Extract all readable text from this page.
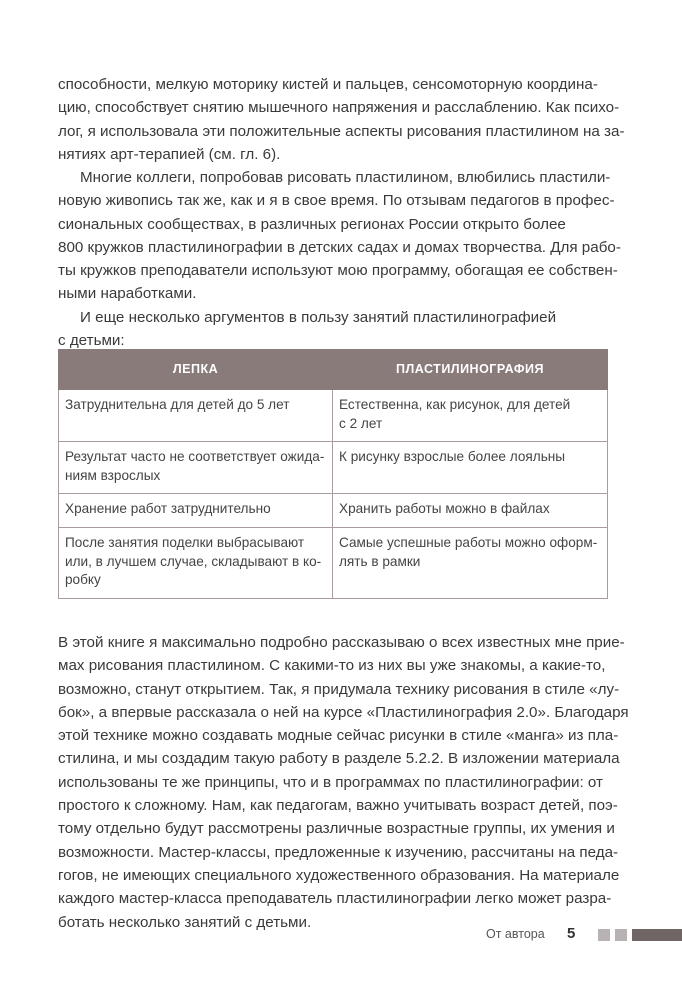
способности, мелкую моторику кистей и пальцев, сенсомоторную координа-
цию, способствует снятию мышечного напряжения и расслаблению. Как психо-
лог, я использовала эти положительные аспекты рисования пластилином на за-
нятиях арт-терапией (см. гл. 6).
Многие коллеги, попробовав рисовать пластилином, влюбились пластили-
новую живопись так же, как и я в свое время. По отзывам педагогов в профес-
сиональных сообществах, в различных регионах России открыто более
800 кружков пластилинографии в детских садах и домах творчества. Для рабо-
ты кружков преподаватели используют мою программу, обогащая ее собствен-
ными наработками.
И еще несколько аргументов в пользу занятий пластилинографией
с детьми:
ЛЕПКА	ПЛАСТИЛИНОГРАФИЯ

Затруднительна для детей до 5 лет	Естественна, как рисунок, для детей
с 2 лет

Результат часто не соответствует ожида-
ниям взрослых	К рисунку взрослые более лояльны

Хранение работ затруднительно	Хранить работы можно в файлах

После занятия поделки выбрасывают
или, в лучшем случае, складывают в ко-
робку	Самые успешные работы можно оформ-
лять в рамки
В этой книге я максимально подробно рассказываю о всех известных мне прие-
мах рисования пластилином. С какими-то из них вы уже знакомы, а какие-то,
возможно, станут открытием. Так, я придумала технику рисования в стиле «лу-
бок», а впервые рассказала о ней на курсе «Пластилинография 2.0». Благодаря
этой технике можно создавать модные сейчас рисунки в стиле «манга» из пла-
стилина, и мы создадим такую работу в разделе 5.2.2. В изложении материала
использованы те же принципы, что и в программах по пластилинографии: от
простого к сложному. Нам, как педагогам, важно учитывать возраст детей, поэ-
тому отдельно будут рассмотрены различные возрастные группы, их умения и
возможности. Мастер-классы, предложенные к изучению, рассчитаны на педа-
гогов, не имеющих специального художественного образования. На материале
каждого мастер-класса преподаватель пластилинографии легко может разра-
ботать несколько занятий с детьми.
От автора 5
